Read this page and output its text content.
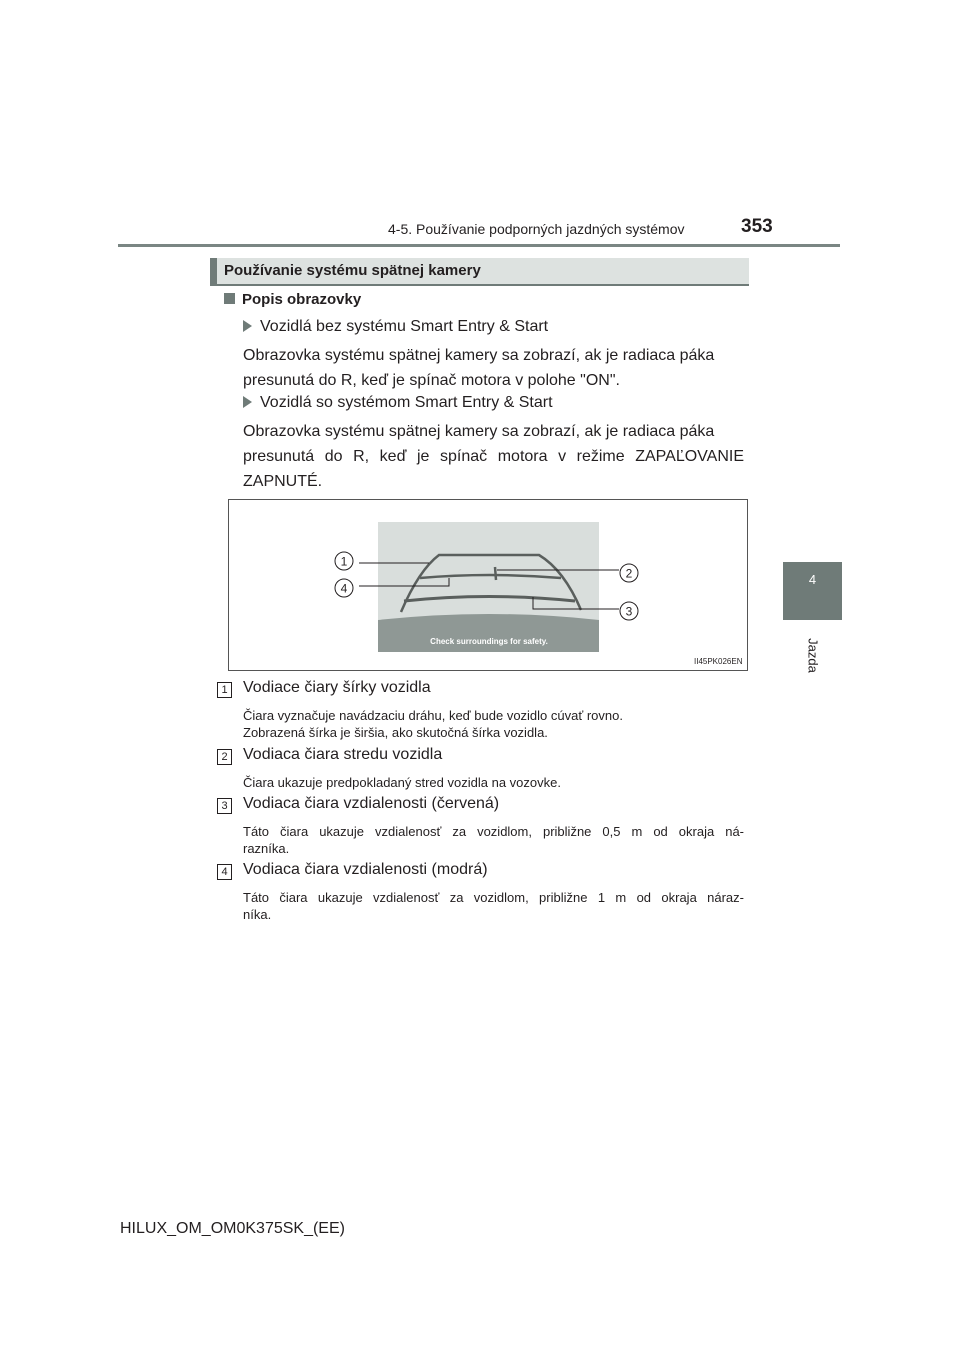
4-5. Používanie podporných jazdných systémov	353
4
Jazda
Používanie systému spätnej kamery
Popis obrazovky
Vozidlá bez systému Smart Entry & Start
Obrazovka systému spätnej kamery sa zobrazí, ak je radiaca páka
presunutá do R, keď je spínač motora v polohe "ON".
Vozidlá so systémom Smart Entry & Start
Obrazovka systému spätnej kamery sa zobrazí, ak je radiaca páka
presunutá do R, keď je spínač motora v režime ZAPAĽOVANIE
ZAPNUTÉ.
Check surroundings for safety.
1
2
3
4
II45PK026EN
1 Vodiace čiary šírky vozidla
Čiara vyznačuje navádzaciu dráhu, keď bude vozidlo cúvať rovno.
Zobrazená šírka je širšia, ako skutočná šírka vozidla.
2 Vodiaca čiara stredu vozidla
Čiara ukazuje predpokladaný stred vozidla na vozovke.
3 Vodiaca čiara vzdialenosti (červená)
Táto čiara ukazuje vzdialenosť za vozidlom, približne 0,5 m od okraja ná-
razníka.
4 Vodiaca čiara vzdialenosti (modrá)
Táto čiara ukazuje vzdialenosť za vozidlom, približne 1 m od okraja náraz-
níka.
HILUX_OM_OM0K375SK_(EE)
